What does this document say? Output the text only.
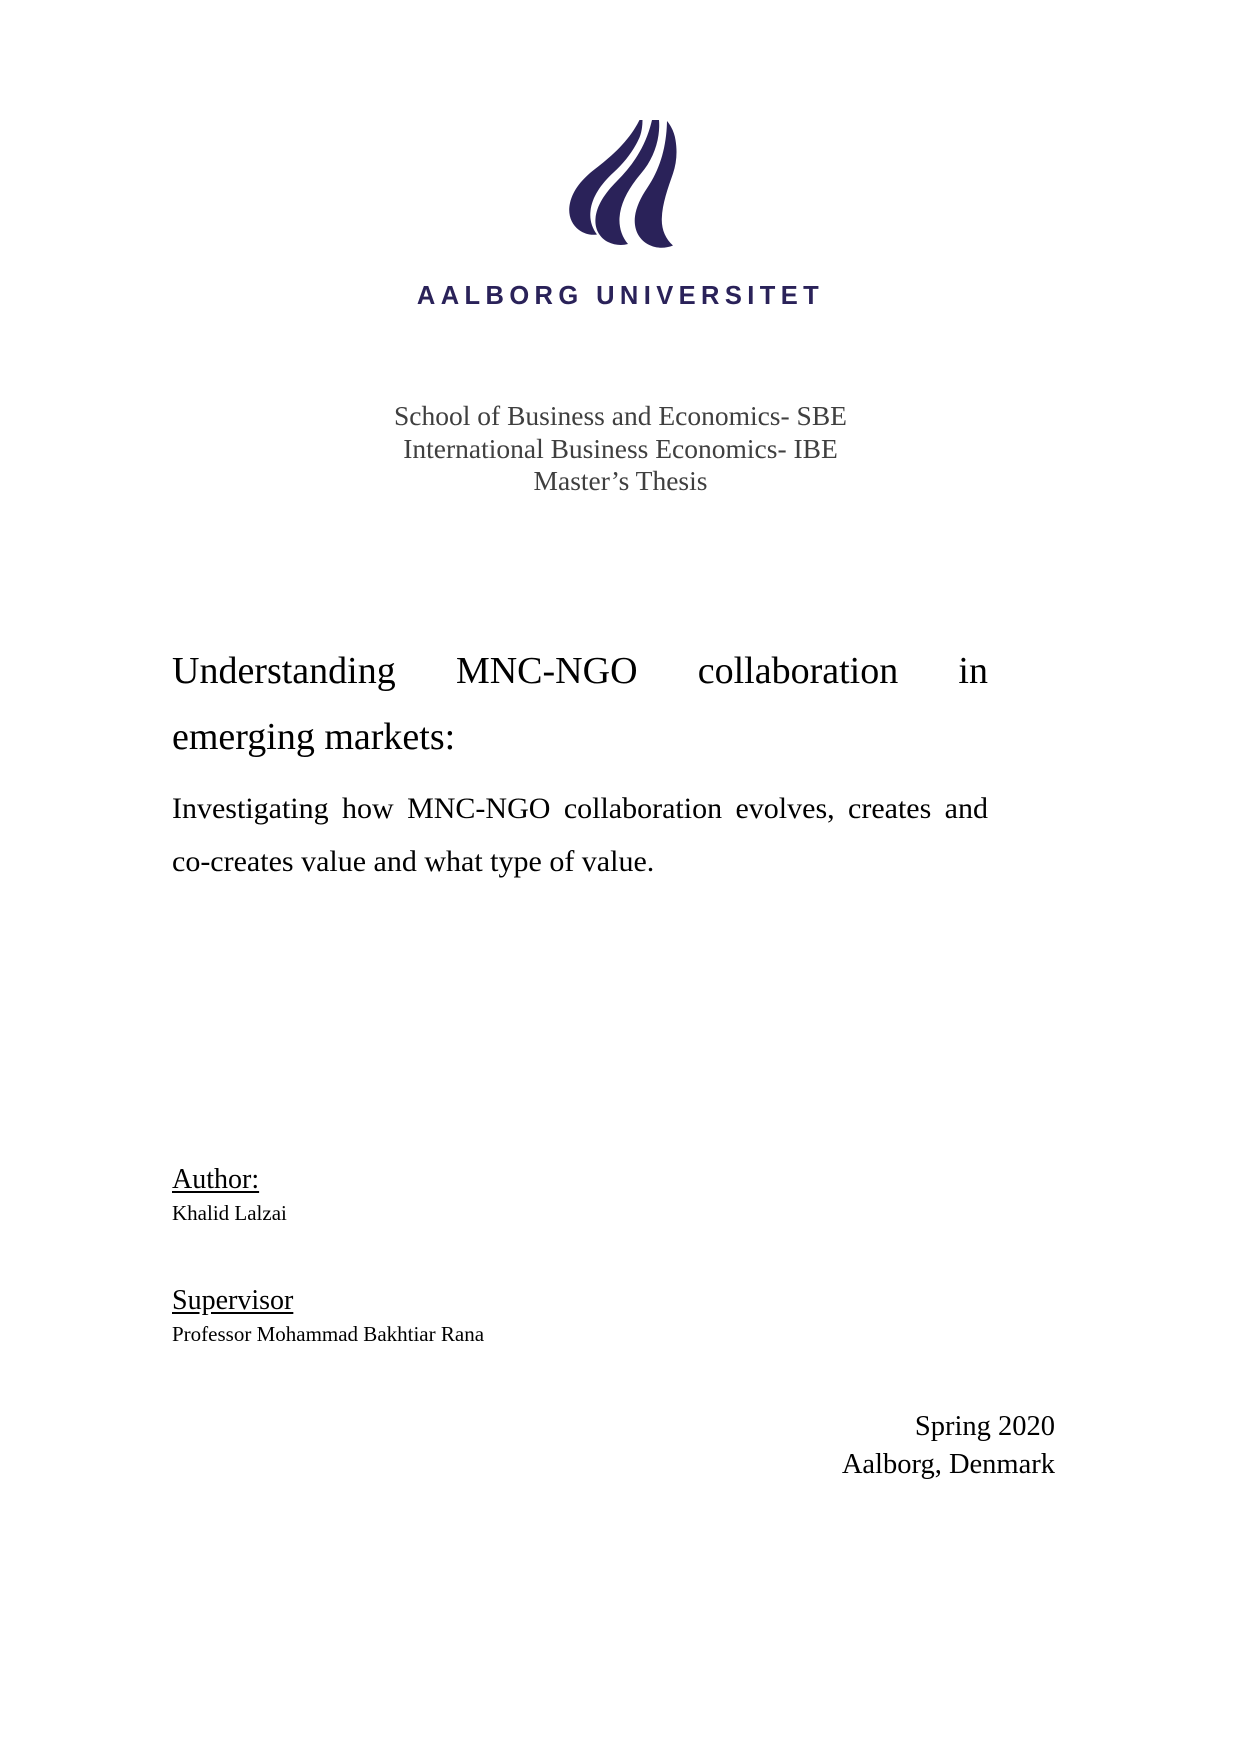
AALBORG UNIVERSITET
School of Business and Economics- SBE
International Business Economics- IBE
Master’s Thesis
Understanding MNC-NGO collaboration in emerging markets:

Investigating how MNC-NGO collaboration evolves, creates and co-creates value and what type of value.

Author:
Khalid Lalzai
Supervisor
Professor Mohammad Bakhtiar Rana
Spring 2020
Aalborg, Denmark
